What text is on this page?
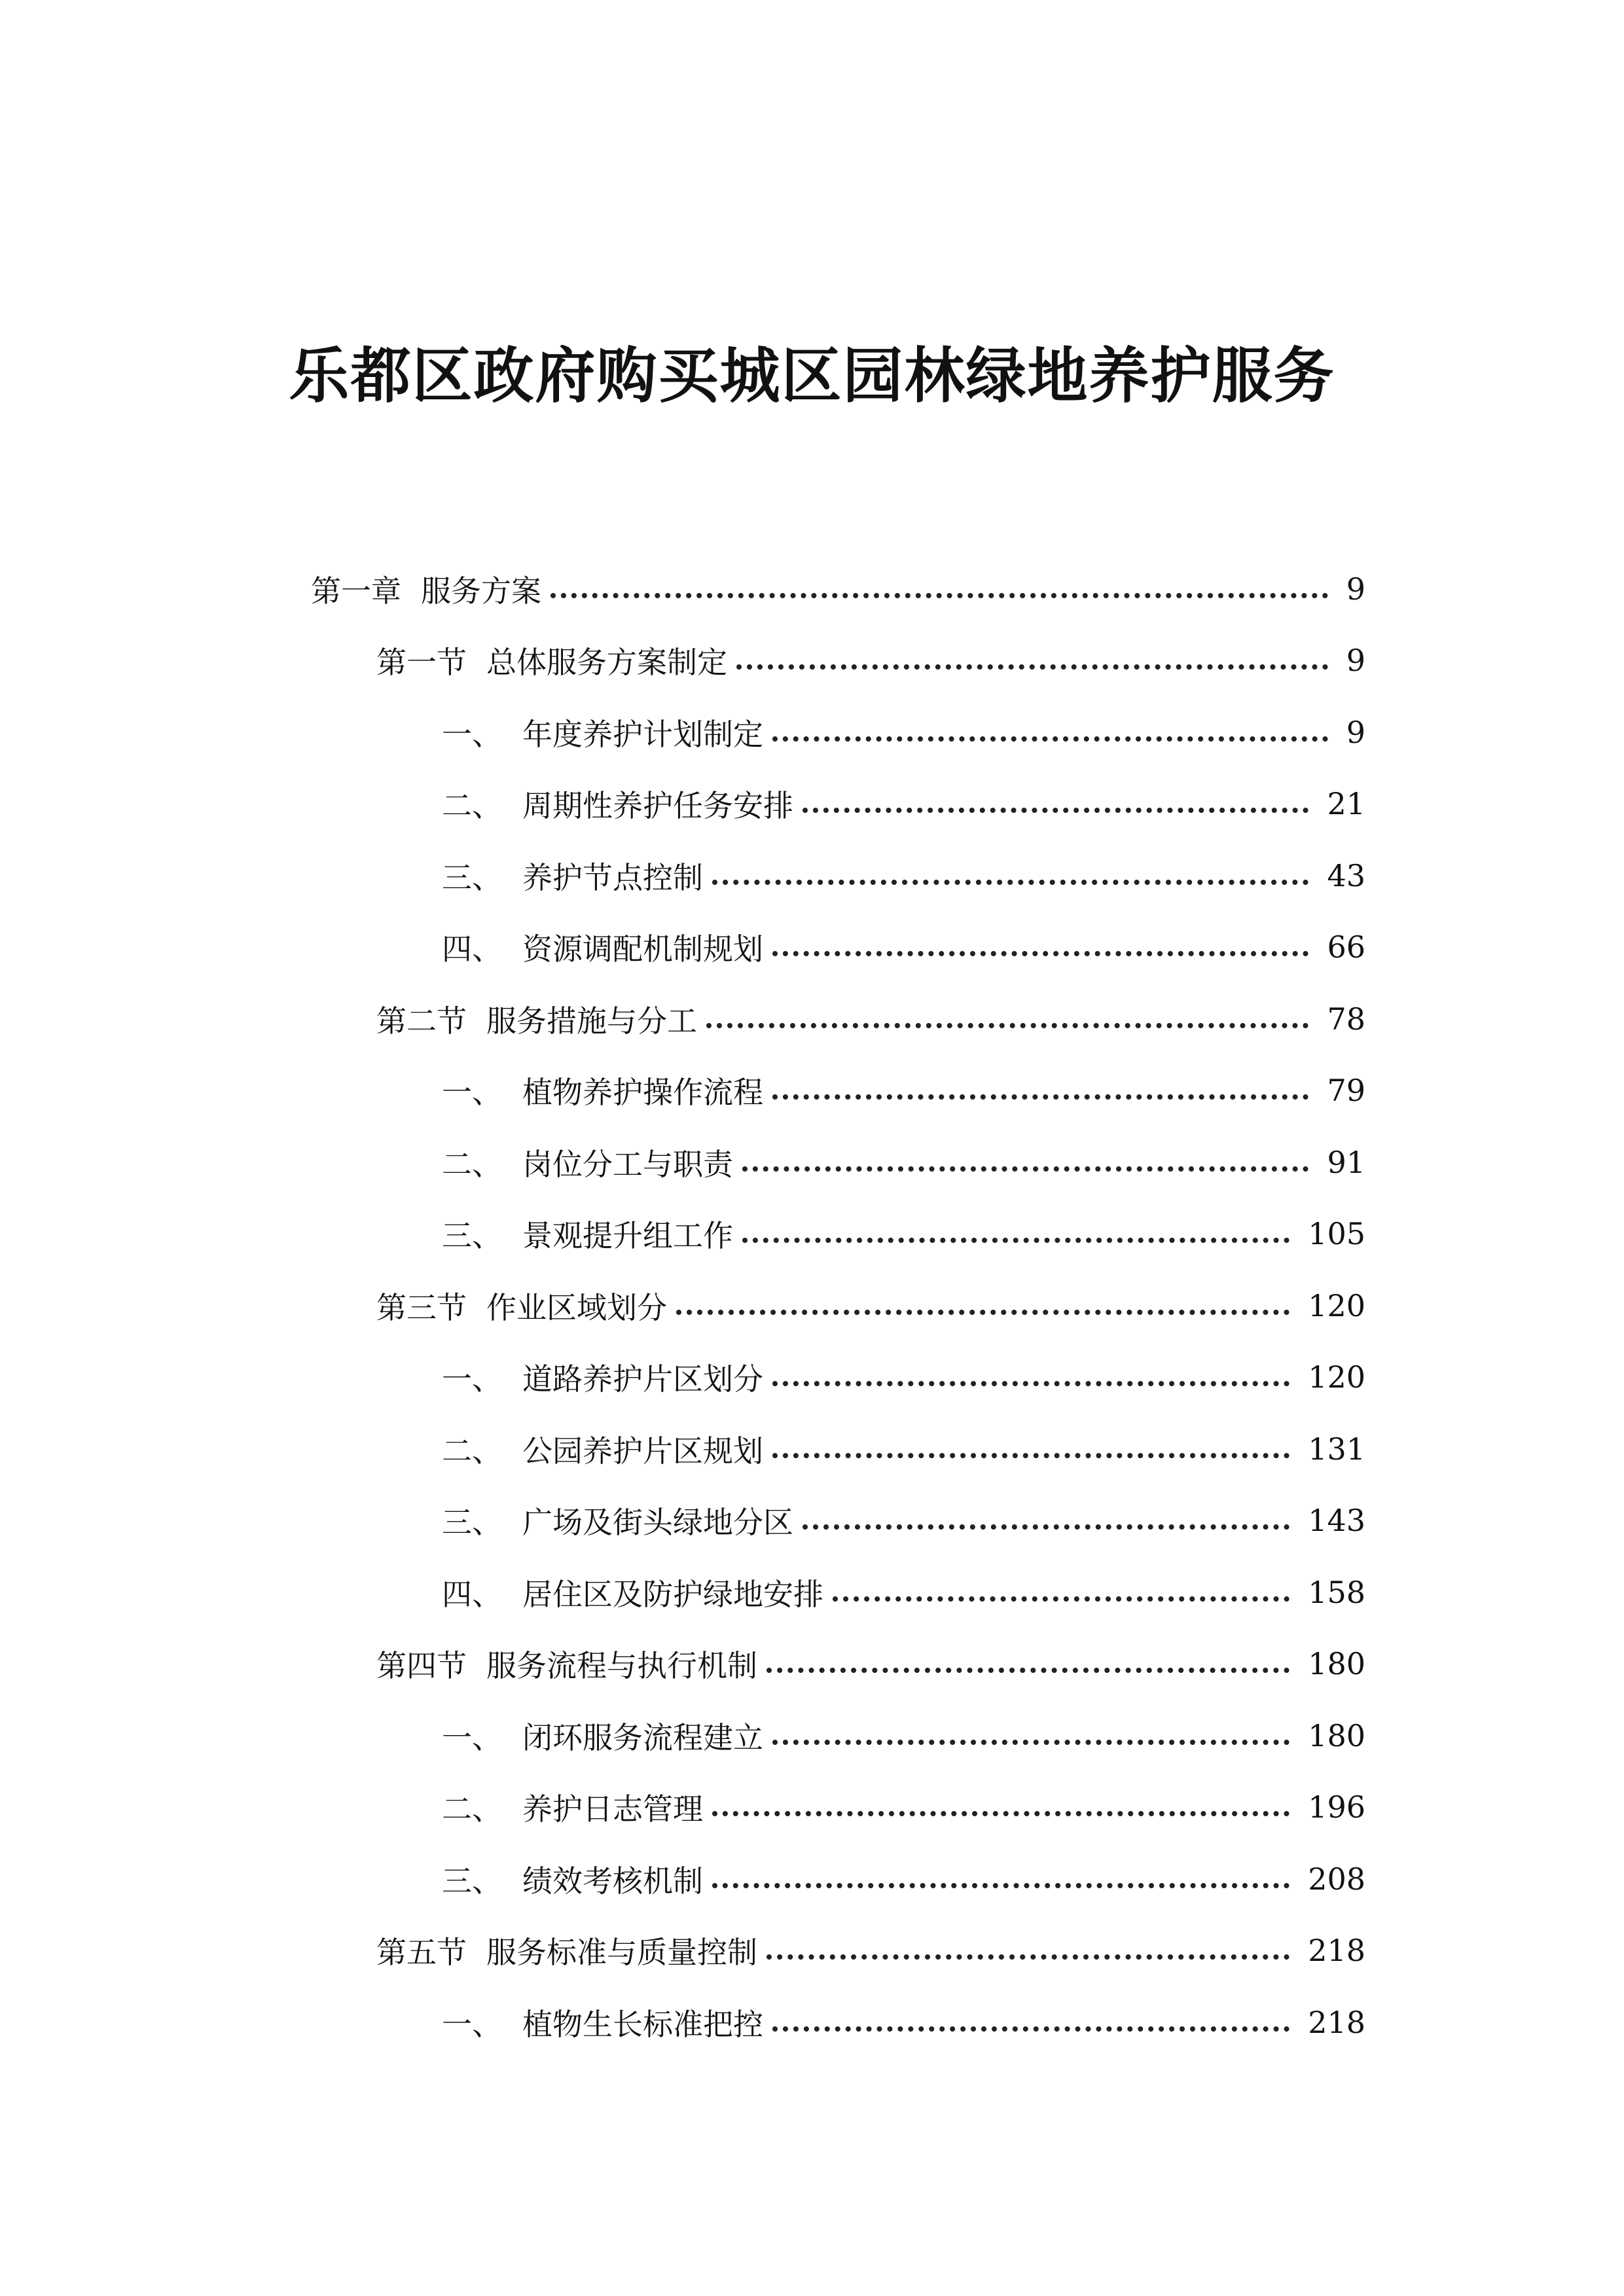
乐都区政府购买城区园林绿地养护服务
第一章 服务方案	9
第一节 总体服务方案制定	9
一、 年度养护计划制定	9
二、 周期性养护任务安排	21
三、 养护节点控制	43
四、 资源调配机制规划	66
第二节 服务措施与分工	78
一、 植物养护操作流程	79
二、 岗位分工与职责	91
三、 景观提升组工作	105
第三节 作业区域划分	120
一、 道路养护片区划分	120
二、 公园养护片区规划	131
三、 广场及街头绿地分区	143
四、 居住区及防护绿地安排	158
第四节 服务流程与执行机制	180
一、 闭环服务流程建立	180
二、 养护日志管理	196
三、 绩效考核机制	208
第五节 服务标准与质量控制	218
一、 植物生长标准把控	218
